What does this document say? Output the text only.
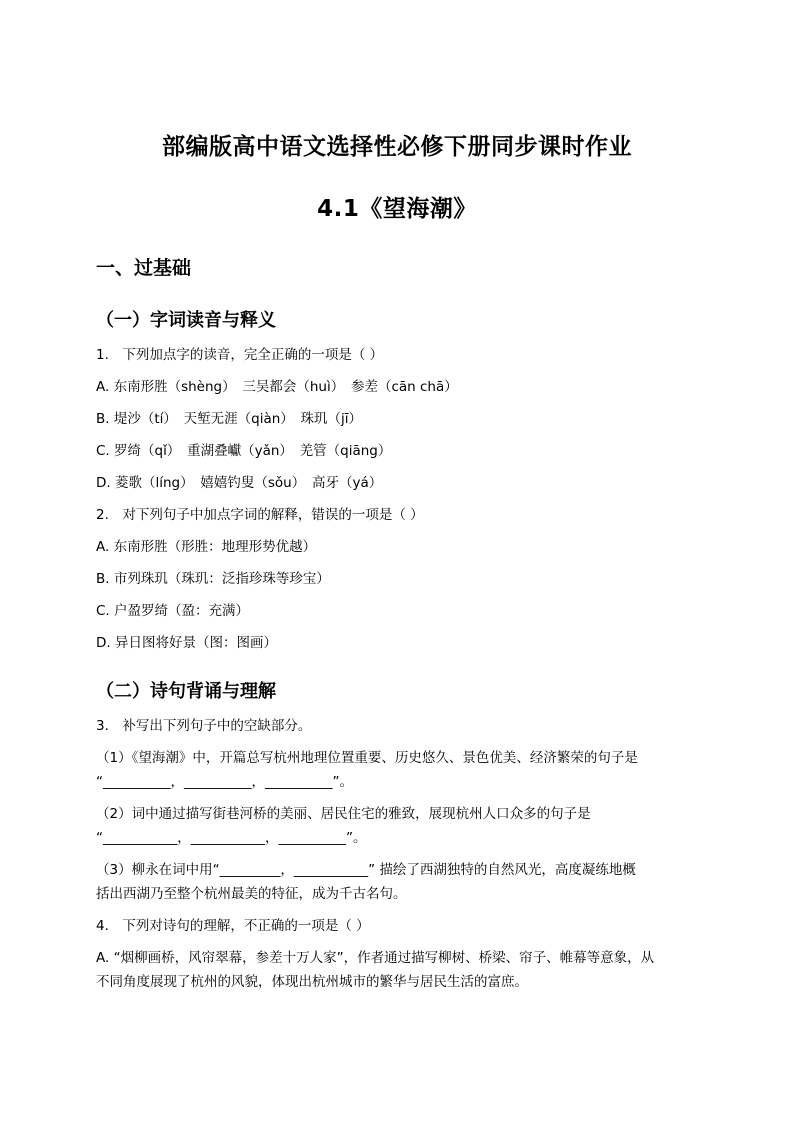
部编版高中语文选择性必修下册同步课时作业
4.1《望海潮》
一、过基础
（一）字词读音与释义
1.　下列加点字的读音，完全正确的一项是（ ）
A. 东南形胜（shèng）　三吴都会（huì）　参差（cān chā）
B. 堤沙（tí）　天堑无涯（qiàn）　珠玑（jī）
C. 罗绮（qǐ）　重湖叠巘（yǎn）　羌管（qiāng）
D. 菱歌（líng）　嬉嬉钓叟（sǒu）　高牙（yá）
2.　对下列句子中加点字词的解释，错误的一项是（ ）
A. 东南形胜（形胜：地理形势优越）
B. 市列珠玑（珠玑：泛指珍珠等珍宝）
C. 户盈罗绮（盈：充满）
D. 异日图将好景（图：图画）
（二）诗句背诵与理解
3.　补写出下列句子中的空缺部分。
（1）《望海潮》中，开篇总写杭州地理位置重要、历史悠久、景色优美、经济繁荣的句子是
“__________，__________，__________”。
（2）词中通过描写街巷河桥的美丽、居民住宅的雅致，展现杭州人口众多的句子是
“___________，___________，__________”。
（3）柳永在词中用“_________，___________” 描绘了西湖独特的自然风光，高度凝练地概
括出西湖乃至整个杭州最美的特征，成为千古名句。
4.　下列对诗句的理解，不正确的一项是（ ）
A. “烟柳画桥，风帘翠幕，参差十万人家”，作者通过描写柳树、桥梁、帘子、帷幕等意象，从
不同角度展现了杭州的风貌，体现出杭州城市的繁华与居民生活的富庶。
